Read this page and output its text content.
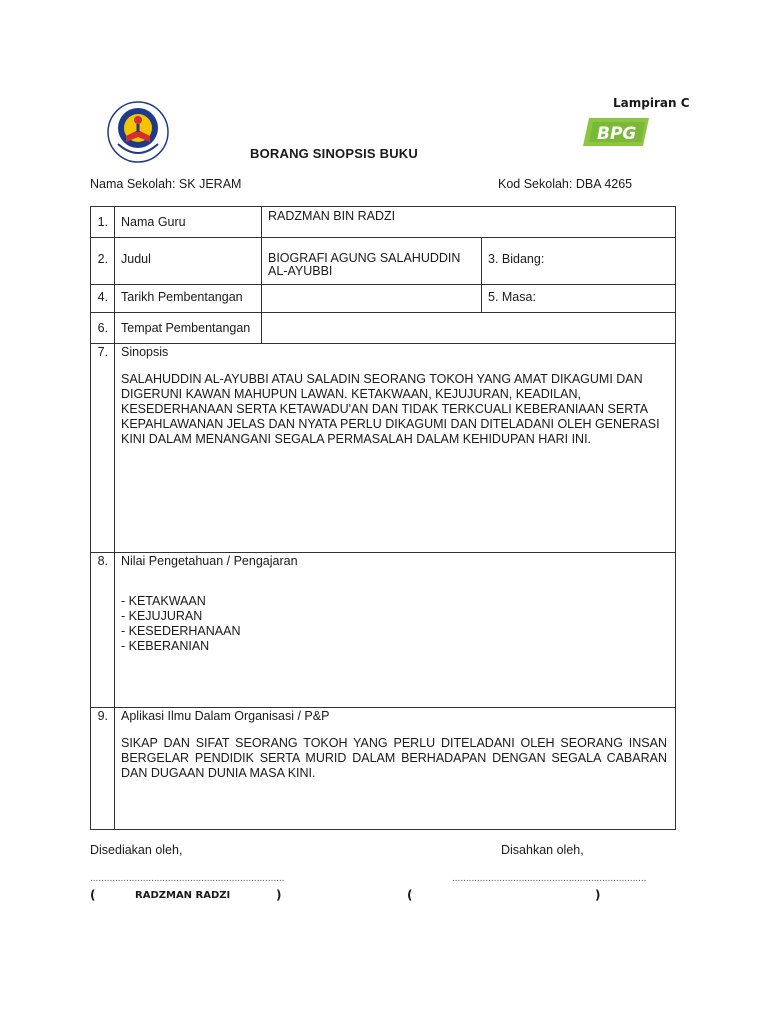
BPG
Lampiran C
BORANG SINOPSIS BUKU
Nama Sekolah: SK JERAM	Kod Sekolah: DBA 4265
1.	Nama Guru	RADZMAN BIN RADZI	

2.	Judul	BIOGRAFI AGUNG SALAHUDDIN
AL-AYUBBI	3. Bidang:

4.	Tarikh Pembentangan		5. Masa:

6.	Tempat Pembentangan		

7.	Sinopsis
SALAHUDDIN AL-AYUBBI ATAU SALADIN SEORANG TOKOH YANG AMAT DIKAGUMI DAN DIGERUNI KAWAN MAHUPUN LAWAN. KETAKWAAN, KEJUJURAN, KEADILAN, KESEDERHANAAN SERTA KETAWADU'AN DAN TIDAK TERKCUALI KEBERANIAAN SERTA KEPAHLAWANAN JELAS DAN NYATA PERLU DIKAGUMI DAN DITELADANI OLEH GENERASI KINI DALAM MENANGANI SEGALA PERMASALAH DALAM KEHIDUPAN HARI INI.		

8.	Nilai Pengetahuan / Pengajaran
- KETAKWAAN
- KEJUJURAN
- KESEDERHANAAN
- KEBERANIAN		

9.	Aplikasi Ilmu Dalam Organisasi / P&P
SIKAP DAN SIFAT SEORANG TOKOH YANG PERLU DITELADANI OLEH SEORANG INSAN BERGELAR PENDIDIK SERTA MURID DALAM BERHADAPAN DENGAN SEGALA CABARAN DAN DUGAAN DUNIA MASA KINI.		
Disediakan oleh,	Disahkan oleh,
......................................................................	......................................................................
(	RADZMAN RADZI	)	(	)
